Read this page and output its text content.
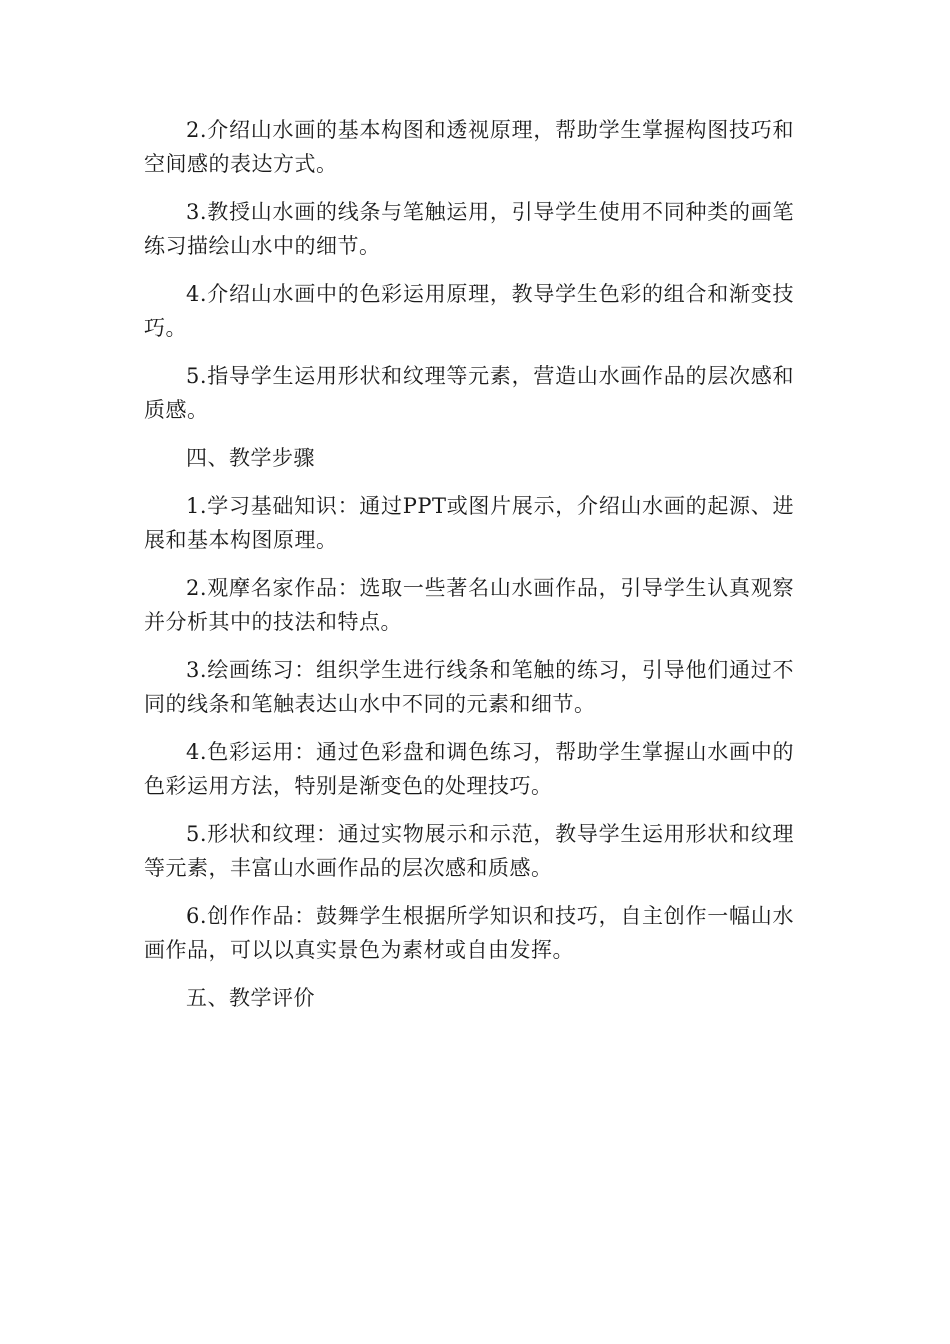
2.介绍山水画的基本构图和透视原理，帮助学生掌握构图技巧和空间感的表达方式。

3.教授山水画的线条与笔触运用，引导学生使用不同种类的画笔练习描绘山水中的细节。

4.介绍山水画中的色彩运用原理，教导学生色彩的组合和渐变技巧。

5.指导学生运用形状和纹理等元素，营造山水画作品的层次感和质感。

四、教学步骤

1.学习基础知识：通过PPT或图片展示，介绍山水画的起源、进展和基本构图原理。

2.观摩名家作品：选取一些著名山水画作品，引导学生认真观察并分析其中的技法和特点。

3.绘画练习：组织学生进行线条和笔触的练习，引导他们通过不同的线条和笔触表达山水中不同的元素和细节。

4.色彩运用：通过色彩盘和调色练习，帮助学生掌握山水画中的色彩运用方法，特别是渐变色的处理技巧。

5.形状和纹理：通过实物展示和示范，教导学生运用形状和纹理等元素，丰富山水画作品的层次感和质感。

6.创作作品：鼓舞学生根据所学知识和技巧，自主创作一幅山水画作品，可以以真实景色为素材或自由发挥。

五、教学评价
